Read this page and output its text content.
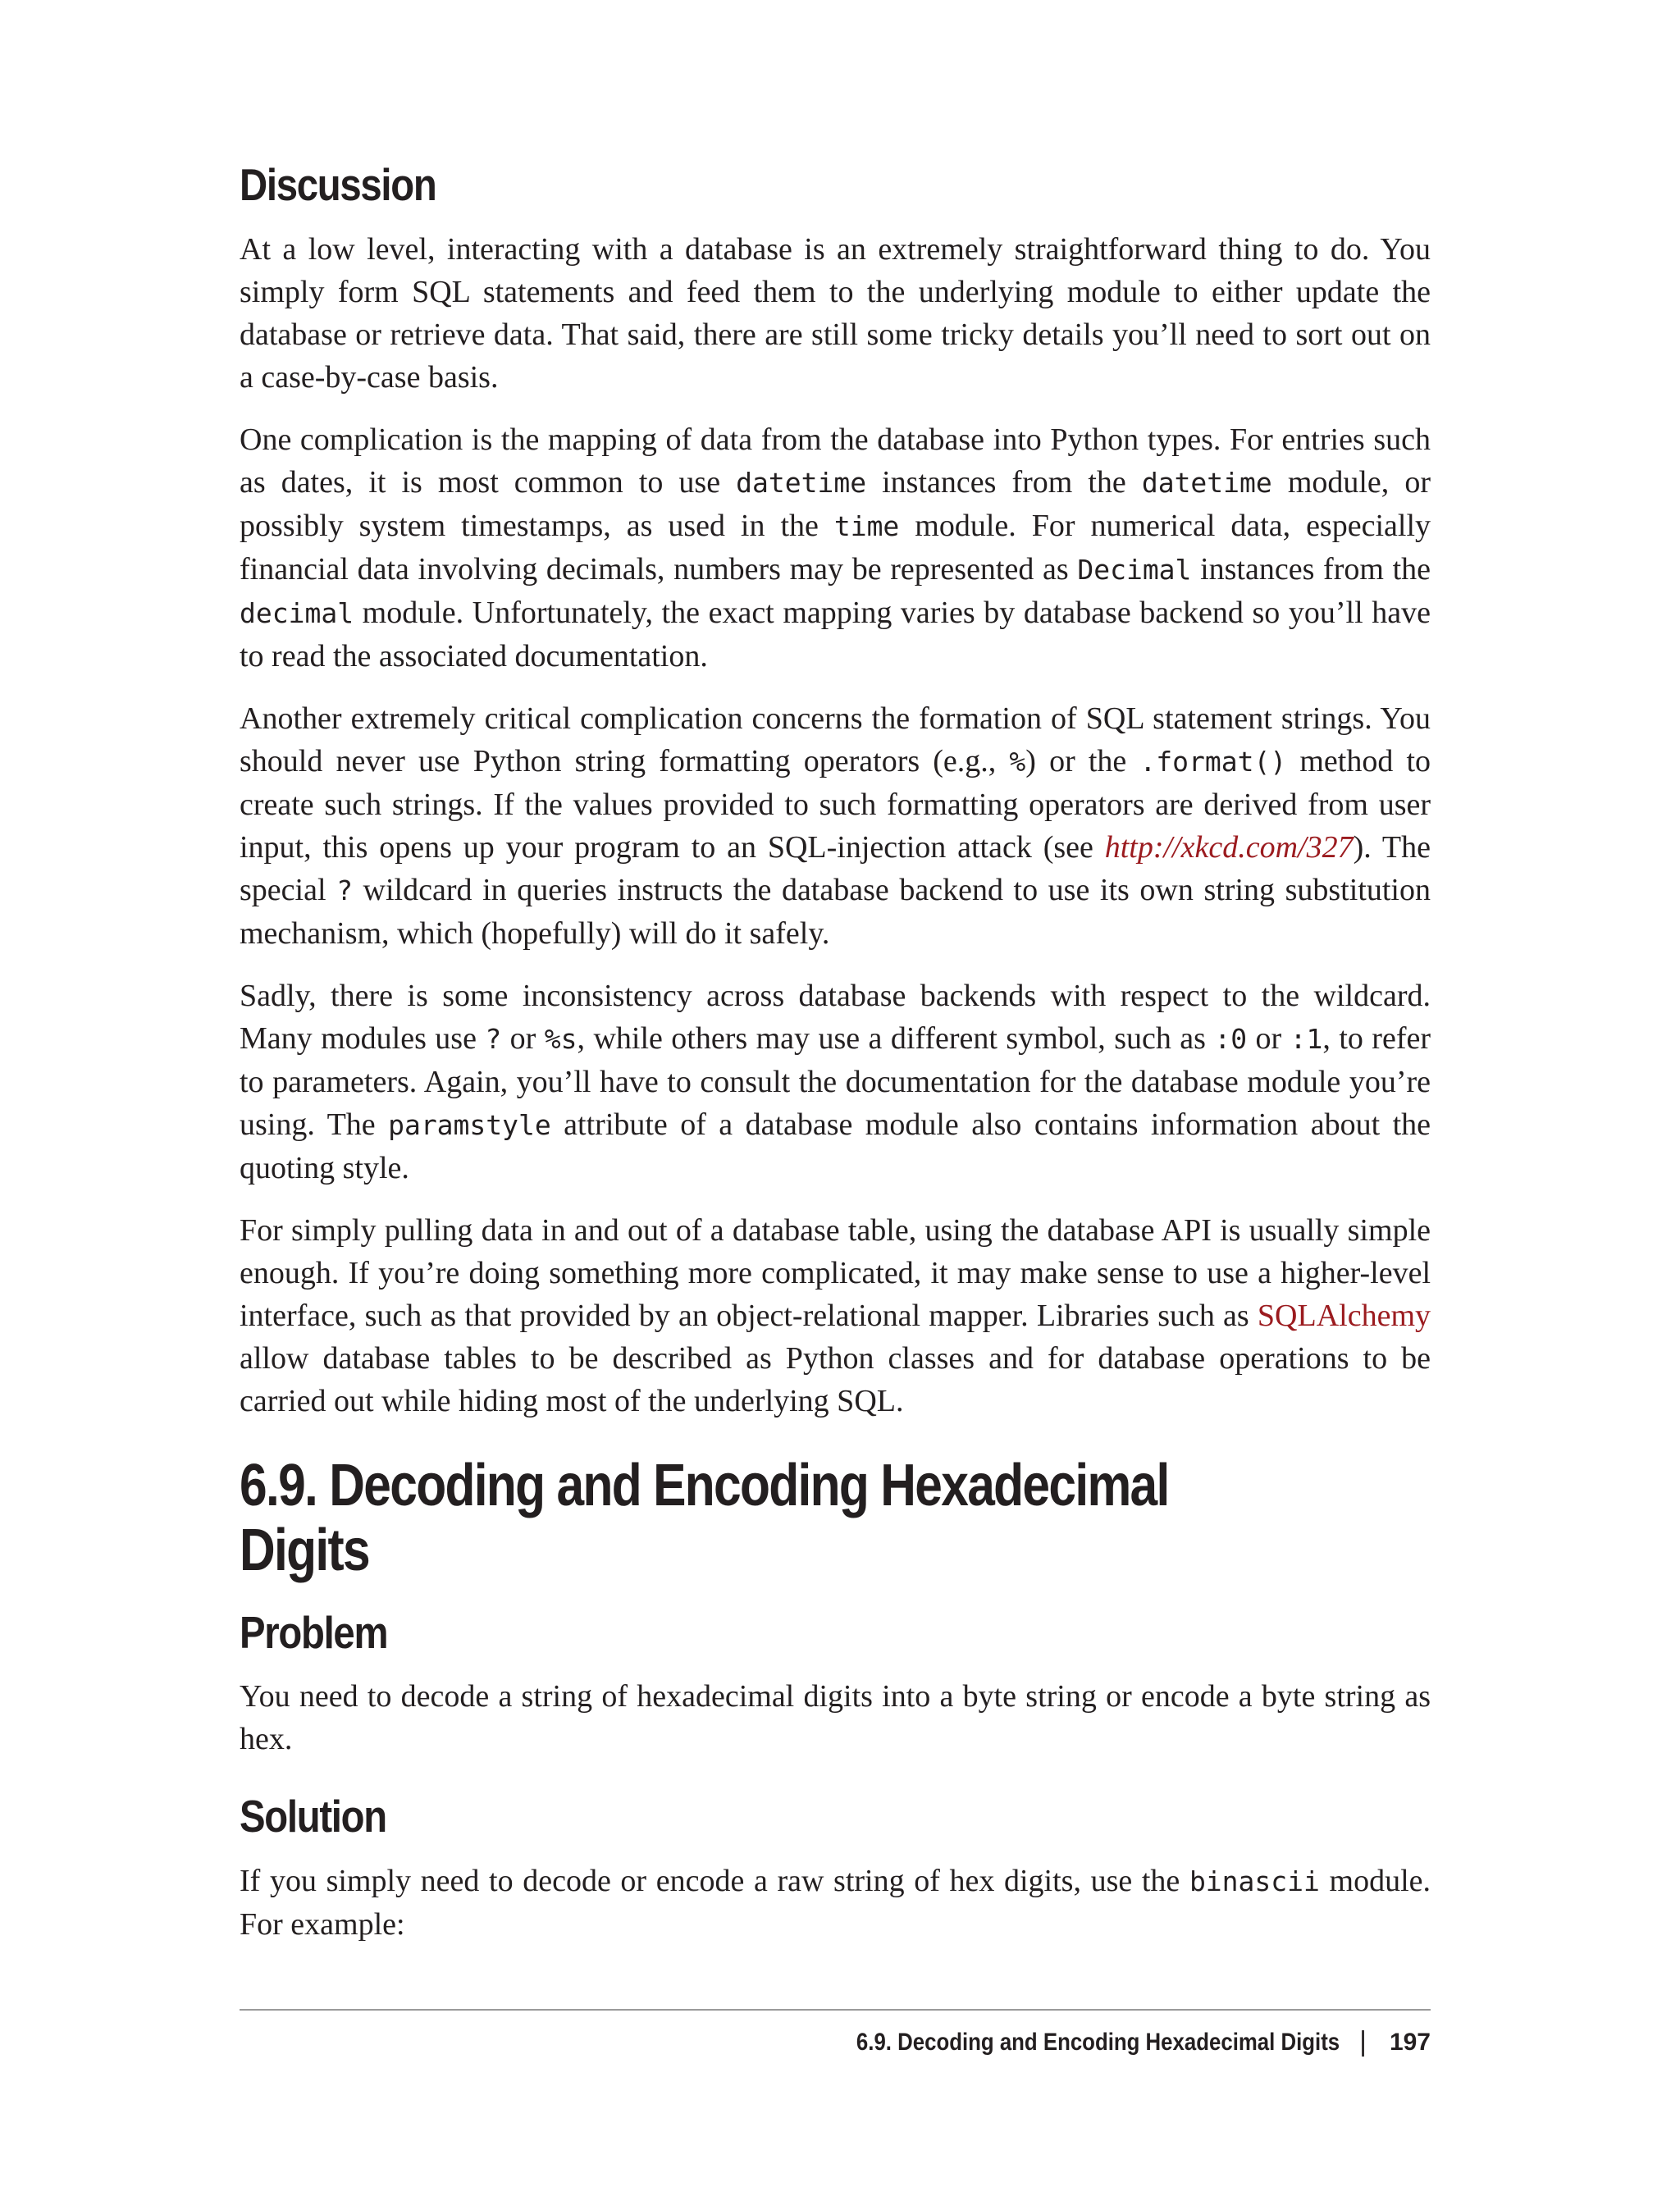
Discussion

At a low level, interacting with a database is an extremely straightforward thing to do. You simply form SQL statements and feed them to the underlying module to either update the database or retrieve data. That said, there are still some tricky details you’ll need to sort out on a case-by-case basis.

One complication is the mapping of data from the database into Python types. For entries such as dates, it is most common to use datetime instances from the datetime module, or possibly system timestamps, as used in the time module. For numerical data, especially financial data involving decimals, numbers may be represented as Decimal instances from the decimal module. Unfortunately, the exact mapping varies by database backend so you’ll have to read the associated documentation.

Another extremely critical complication concerns the formation of SQL statement strings. You should never use Python string formatting operators (e.g., %) or the .format() method to create such strings. If the values provided to such formatting operators are derived from user input, this opens up your program to an SQL-injection attack (see http://xkcd.com/327). The special ? wildcard in queries instructs the database backend to use its own string substitution mechanism, which (hopefully) will do it safely.

Sadly, there is some inconsistency across database backends with respect to the wildcard. Many modules use ? or %s, while others may use a different symbol, such as :0 or :1, to refer to parameters. Again, you’ll have to consult the documentation for the database module you’re using. The paramstyle attribute of a database module also contains information about the quoting style.

For simply pulling data in and out of a database table, using the database API is usually simple enough. If you’re doing something more complicated, it may make sense to use a higher-level interface, such as that provided by an object-relational mapper. Libraries such as SQLAlchemy allow database tables to be described as Python classes and for database operations to be carried out while hiding most of the underlying SQL.

6.9. Decoding and Encoding Hexadecimal Digits
Problem

You need to decode a string of hexadecimal digits into a byte string or encode a byte string as hex.

Solution

If you simply need to decode or encode a raw string of hex digits, use the binascii module. For example:

6.9. Decoding and Encoding Hexadecimal Digits | 197
